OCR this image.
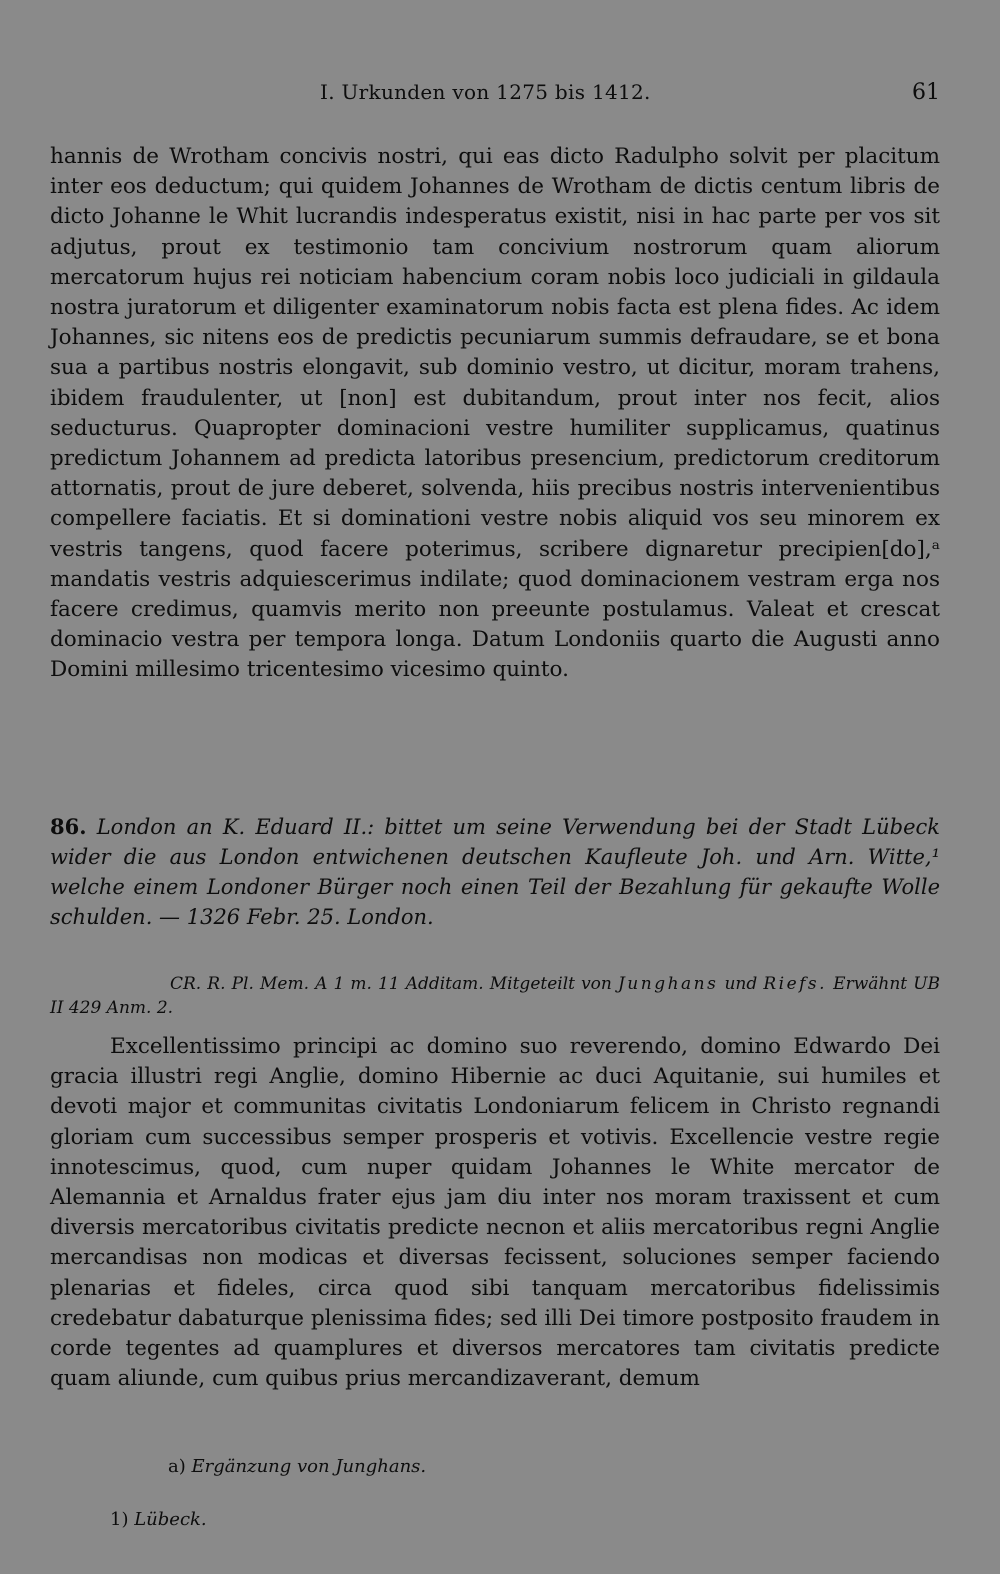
I. Urkunden von 1275 bis 1412.	61
hannis de Wrotham concivis nostri, qui eas dicto Radulpho solvit per placitum inter eos deductum; qui quidem Johannes de Wrotham de dictis centum libris de dicto Johanne le Whit lucrandis indesperatus existit, nisi in hac parte per vos sit adjutus, prout ex testimonio tam concivium nostrorum quam aliorum mercatorum hujus rei noticiam habencium coram nobis loco judiciali in gildaula nostra juratorum et diligenter examinatorum nobis facta est plena fides. Ac idem Johannes, sic nitens eos de predictis pecuniarum summis defraudare, se et bona sua a partibus nostris elongavit, sub dominio vestro, ut dicitur, moram trahens, ibidem fraudulenter, ut [non] est dubitandum, prout inter nos fecit, alios seducturus. Quapropter dominacioni vestre humiliter supplicamus, quatinus predictum Johannem ad predicta latoribus presencium, predictorum creditorum attornatis, prout de jure deberet, solvenda, hiis precibus nostris intervenientibus compellere faciatis. Et si dominationi vestre nobis aliquid vos seu minorem ex vestris tangens, quod facere poterimus, scribere dignaretur precipien[do],ᵃ mandatis vestris adquiescerimus indilate; quod dominacionem vestram erga nos facere credimus, quamvis merito non preeunte postulamus. Valeat et crescat dominacio vestra per tempora longa. Datum Londoniis quarto die Augusti anno Domini millesimo tricentesimo vicesimo quinto.
86. London an K. Eduard II.: bittet um seine Verwendung bei der Stadt Lübeck wider die aus London entwichenen deutschen Kaufleute Joh. und Arn. Witte,¹ welche einem Londoner Bürger noch einen Teil der Bezahlung für gekaufte Wolle schulden. — 1326 Febr. 25. London.
CR. R. Pl. Mem. A 1 m. 11 Additam. Mitgeteilt von Junghans und Riefs. Erwähnt UB II 429 Anm. 2.
Excellentissimo principi ac domino suo reverendo, domino Edwardo Dei gracia illustri regi Anglie, domino Hibernie ac duci Aquitanie, sui humiles et devoti major et communitas civitatis Londoniarum felicem in Christo regnandi gloriam cum successibus semper prosperis et votivis. Excellencie vestre regie innotescimus, quod, cum nuper quidam Johannes le White mercator de Alemannia et Arnaldus frater ejus jam diu inter nos moram traxissent et cum diversis mercatoribus civitatis predicte necnon et aliis mercatoribus regni Anglie mercandisas non modicas et diversas fecissent, soluciones semper faciendo plenarias et fideles, circa quod sibi tanquam mercatoribus fidelissimis credebatur dabaturque plenissima fides; sed illi Dei timore postposito fraudem in corde tegentes ad quamplures et diversos mercatores tam civitatis predicte quam aliunde, cum quibus prius mercandizaverant, demum
a) Ergänzung von Junghans.
1) Lübeck.
